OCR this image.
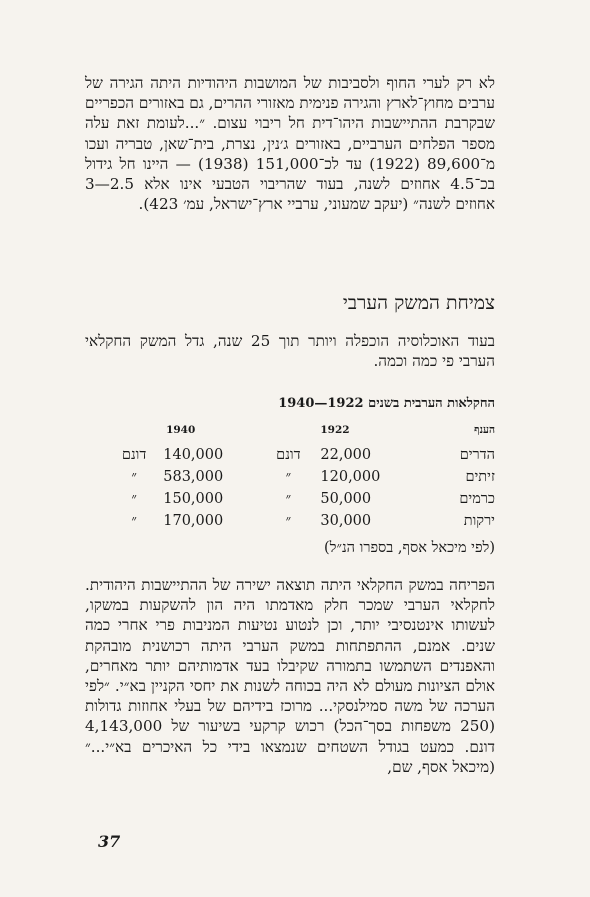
לא רק לערי החוף ולסביבות של המושבות היהודיות היתה הגירה של ערבים מחוץ־לארץ והגירה פנימית מאזורי ההרים, גם באזורים הכפריים שבקרבת ההתיישבות היהו־דית חל ריבוי עצום. ״...לעומת זאת עלה מספר הפלחים הערביים, באזורים ג׳נין, נצרת, בית־שאן, טבריה ועכו מ־89,600 (1922) עד לכ־151,000 (1938) — היינו חל גידול בכ־4.5 אחוזים לשנה, בעוד שהריבוי הטבעי אינו אלא 2.5—3 אחוזים לשנה״ (יעקב שמעוני, ערביי ארץ־ישראל, עמ׳ 423).

צמיחת המשק הערבי

בעוד האוכלוסיה הוכפלה ויותר תוך 25 שנה, גדל המשק החקלאי הערבי פי כמה וכמה.

החקלאות הערבית בשנים 1922—1940
הענף	1922		1940	
הדרים	22,000	דונם	140,000	דונם
זיתים	120,000	״	583,000	״
כרמים	50,000	״	150,000	״
ירקות	30,000	״	170,000	״
(לפי מיכאל אסף, בספרו הנ״ל)

הפריחה במשק החקלאי היתה תוצאה ישירה של ההתיישבות היהודית. לחקלאי הערבי שמכר חלק מאדמתו היה הון להשקעות במשקו, לעשותו אינטנסיבי יותר, וכן לנטוע נטיעות המניבות פרי אחרי כמה שנים. אמנם, ההתפתחות במשק הערבי היתה רכושנית מובהקת והאפנדים השתמשו בתמורה שקיבלו בעד אדמותיהם יותר מאחרים, אולם הציונות מעולם לא היה בכוחה לשנות את יחסי הקניין בא״י. ״לפי הערכה של משה סמילנסקי... מרוכז בידיהם של בעלי אחוזות גדולות (250 משפחות בסך־הכל) רכוש קרקעי בשיעור של 4,143,000 דונם. כמעט בגודל השטחים שנמצאו בידי כל האיכרים בא״י...״ (מיכאל אסף, שם,

37
